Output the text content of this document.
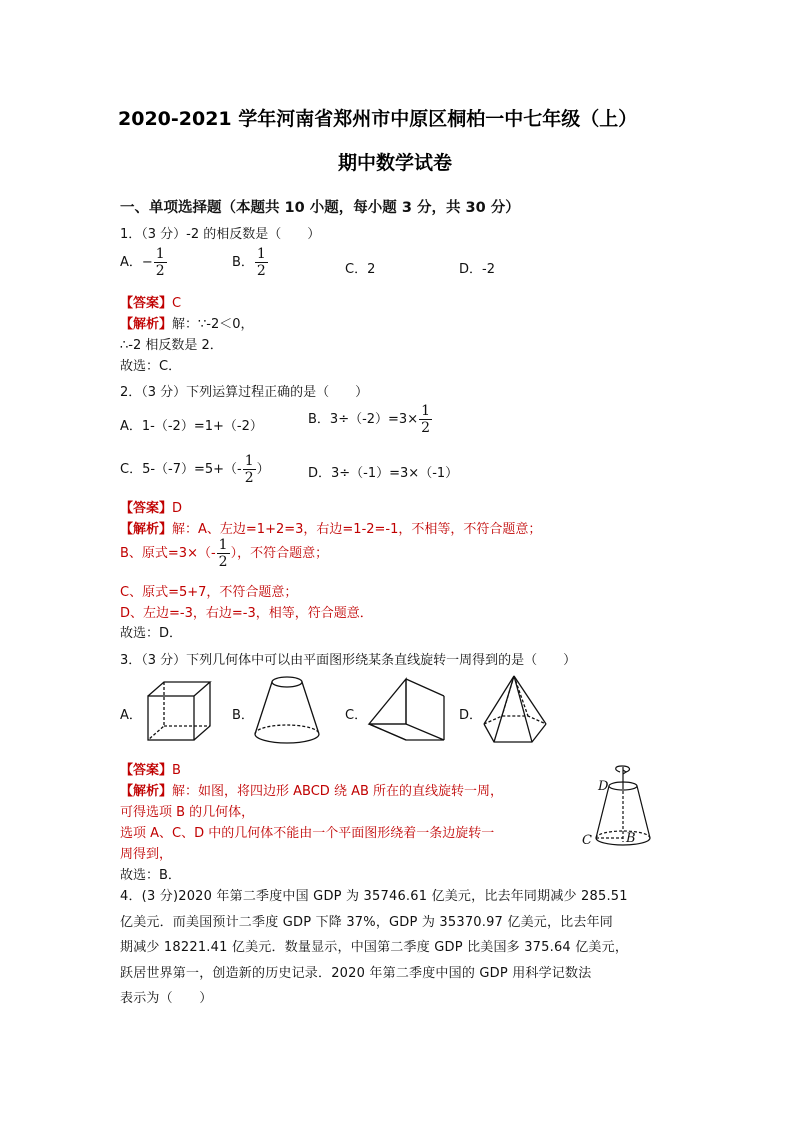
2020-2021 学年河南省郑州市中原区桐柏一中七年级（上）
期中数学试卷
一、单项选择题（本题共 10 小题，每小题 3 分，共 30 分）
1．（3 分）-2 的相反数是（　　）
A．− $\frac{1}{2}$	B． $\frac{1}{2}$	C．2	D．-2
【答案】C
【解析】解：∵-2＜0，
∴-2 相反数是 2．
故选：C．
2．（3 分）下列运算过程正确的是（　　）
A．1-（-2）=1+（-2）	B．$3\div(-2)=3\times \frac{1}{2}$
C．$5-(-7)=5+(- \frac{1}{2}$ ）	D．3÷（-1）=3×（-1）
【答案】D
【解析】解：A、左边=1+2=3，右边=1-2=-1，不相等，不符合题意；
B、原式$=3\times(- \frac{1}{2}$ ），不符合题意；
C、原式=5+7，不符合题意；
D、左边=-3，右边=-3，相等，符合题意．
故选：D．
3．（3 分）下列几何体中可以由平面图形绕某条直线旋转一周得到的是（　　）
A．	B．	C．	D．
【答案】B
【解析】解：如图，将四边形 ABCD 绕 AB 所在的直线旋转一周，
可得选项 B 的几何体，
选项 A、C、D 中的几何体不能由一个平面图形绕着一条边旋转一
周得到，
故选：B．
D
C	B
4．(3 分)2020 年第二季度中国 GDP 为 35746.61 亿美元，比去年同期减少 285.51
亿美元．而美国预计二季度 GDP 下降 37%，GDP 为 35370.97 亿美元，比去年同
期减少 18221.41 亿美元．数量显示，中国第二季度 GDP 比美国多 375.64 亿美元，
跃居世界第一，创造新的历史记录．2020 年第二季度中国的 GDP 用科学记数法
表示为（　　）
